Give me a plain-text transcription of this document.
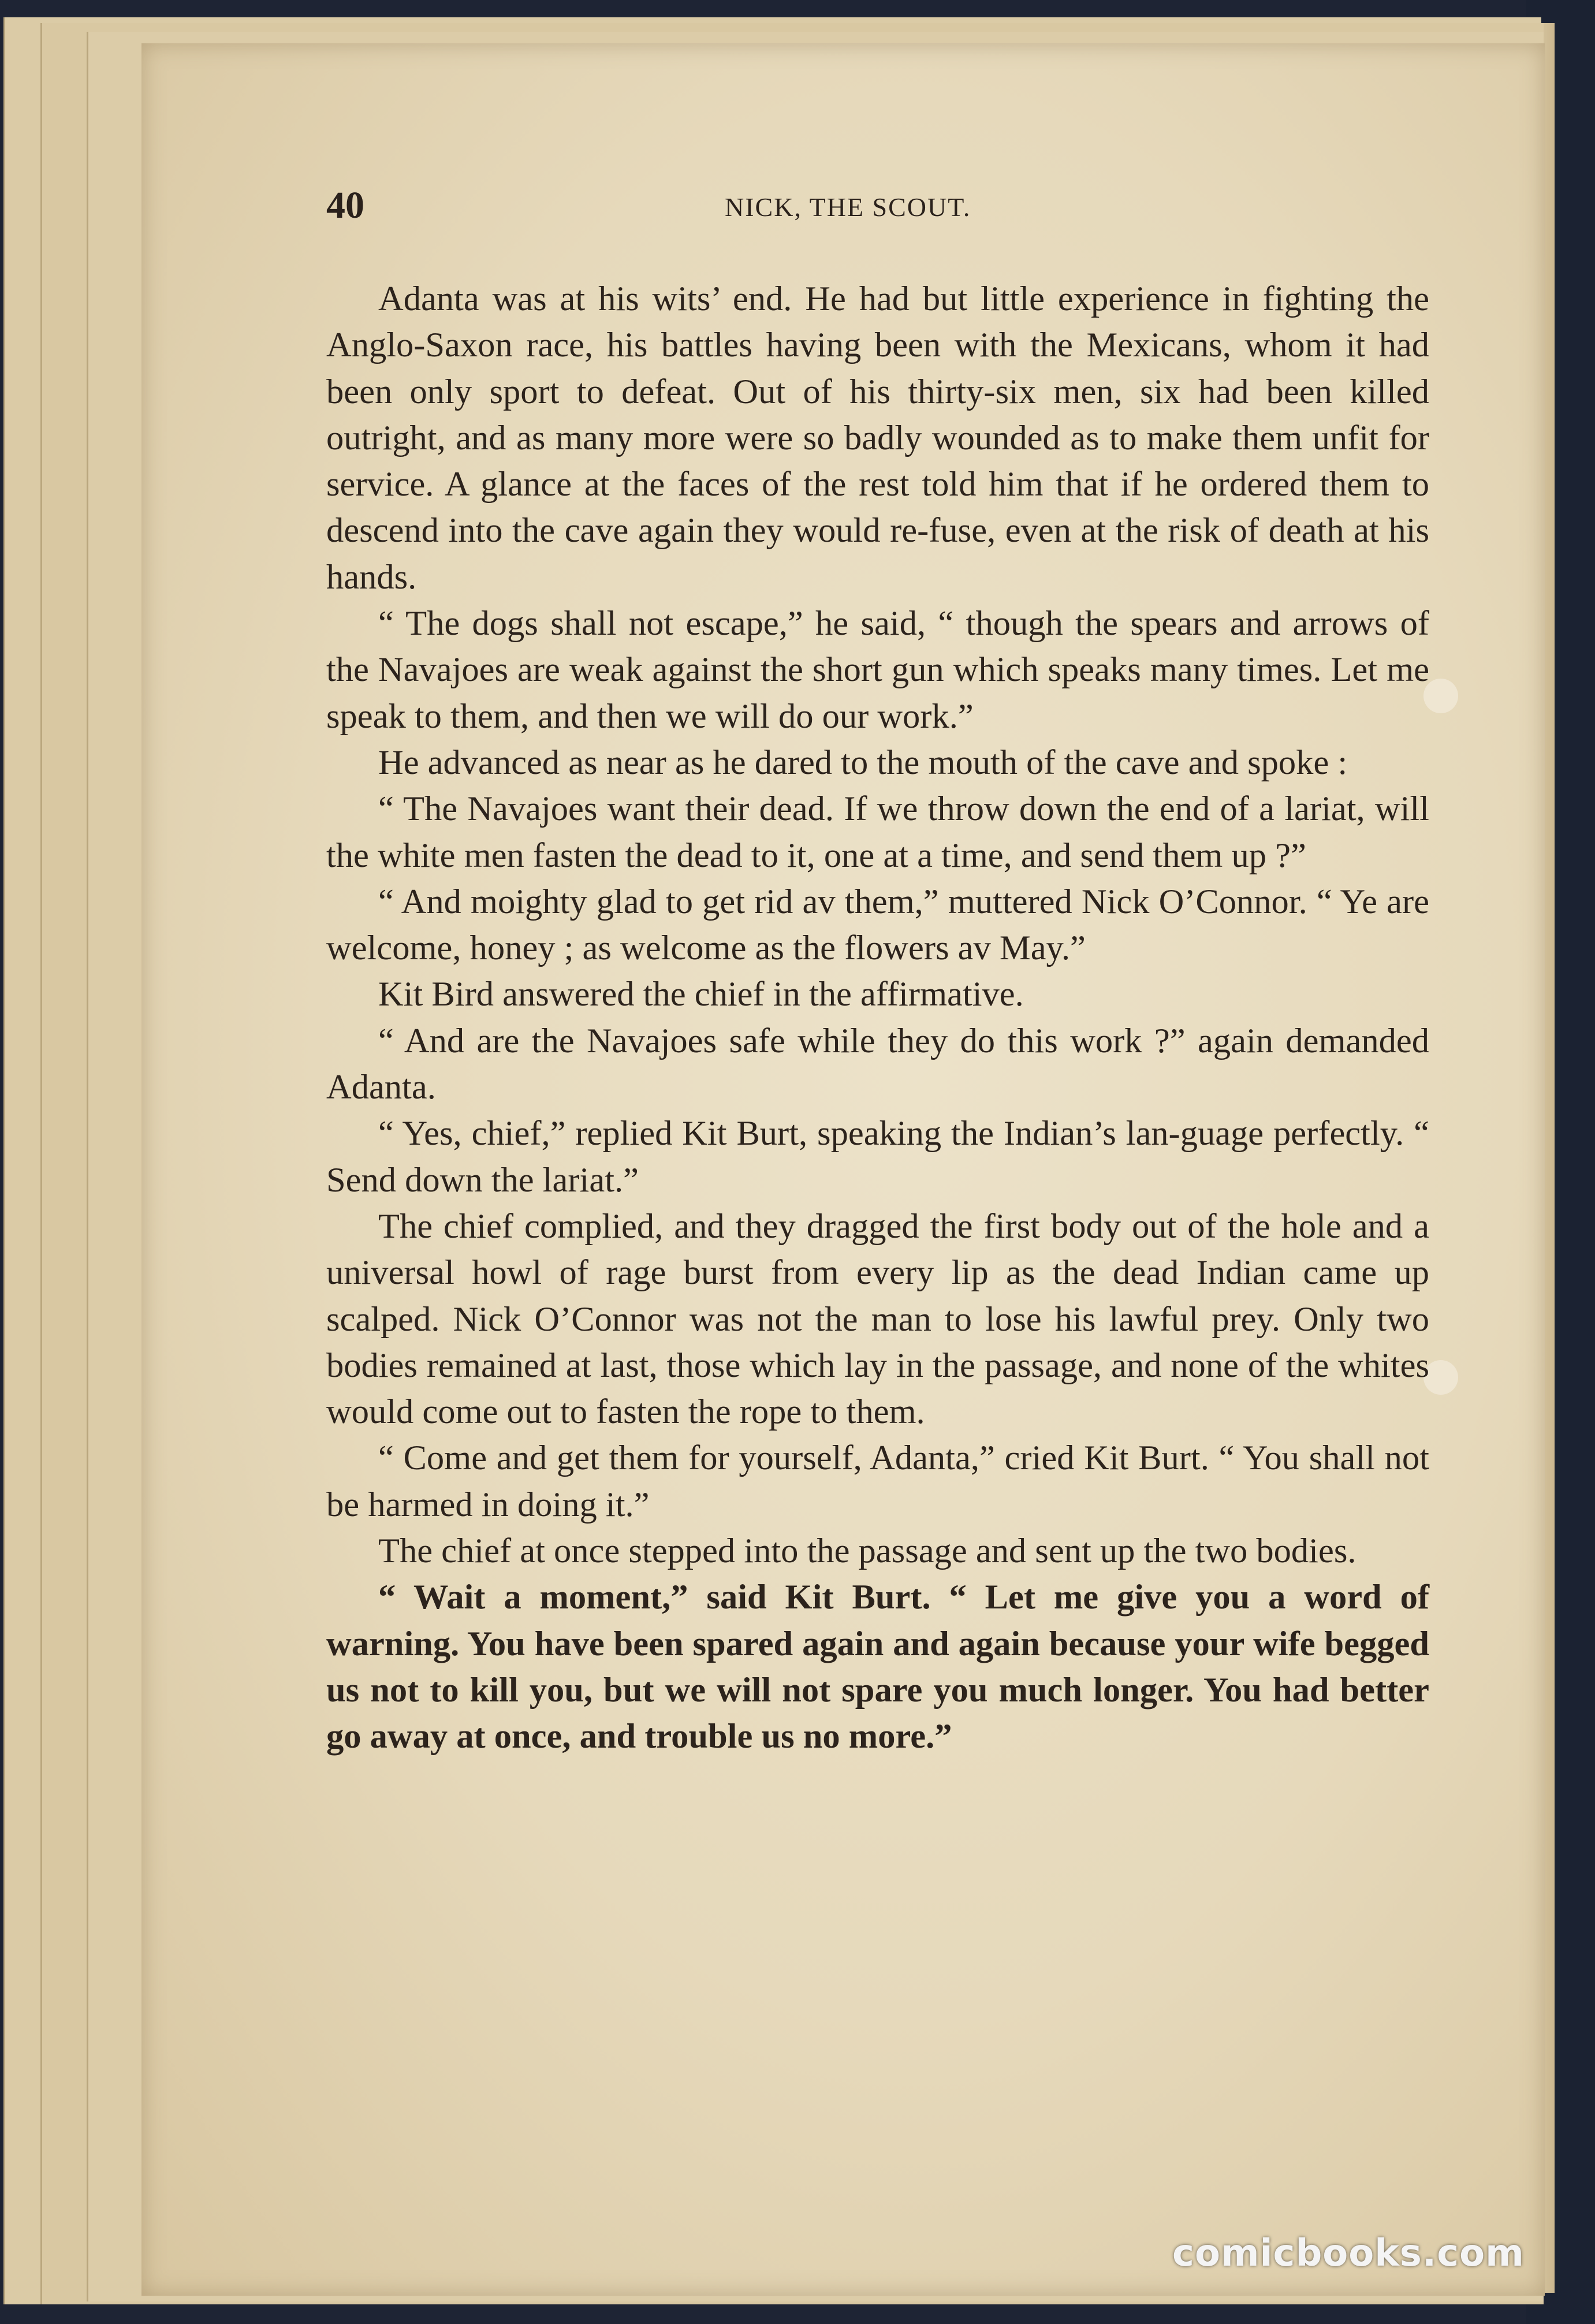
40	NICK, THE SCOUT.

Adanta was at his wits’ end. He had but little experience in fighting the Anglo-Saxon race, his battles having been with the Mexicans, whom it had been only sport to defeat. Out of his thirty-six men, six had been killed outright, and as many more were so badly wounded as to make them unfit for service. A glance at the faces of the rest told him that if he ordered them to descend into the cave again they would re-fuse, even at the risk of death at his hands.

“ The dogs shall not escape,” he said, “ though the spears and arrows of the Navajoes are weak against the short gun which speaks many times. Let me speak to them, and then we will do our work.”

He advanced as near as he dared to the mouth of the cave and spoke :

“ The Navajoes want their dead. If we throw down the end of a lariat, will the white men fasten the dead to it, one at a time, and send them up ?”

“ And moighty glad to get rid av them,” muttered Nick O’Connor. “ Ye are welcome, honey ; as welcome as the flowers av May.”

Kit Bird answered the chief in the affirmative.

“ And are the Navajoes safe while they do this work ?” again demanded Adanta.

“ Yes, chief,” replied Kit Burt, speaking the Indian’s lan-guage perfectly. “ Send down the lariat.”

The chief complied, and they dragged the first body out of the hole and a universal howl of rage burst from every lip as the dead Indian came up scalped. Nick O’Connor was not the man to lose his lawful prey. Only two bodies remained at last, those which lay in the passage, and none of the whites would come out to fasten the rope to them.

“ Come and get them for yourself, Adanta,” cried Kit Burt. “ You shall not be harmed in doing it.”

The chief at once stepped into the passage and sent up the two bodies.

“ Wait a moment,” said Kit Burt. “ Let me give you a word of warning. You have been spared again and again because your wife begged us not to kill you, but we will not spare you much longer. You had better go away at once, and trouble us no more.”

comicbooks.com
